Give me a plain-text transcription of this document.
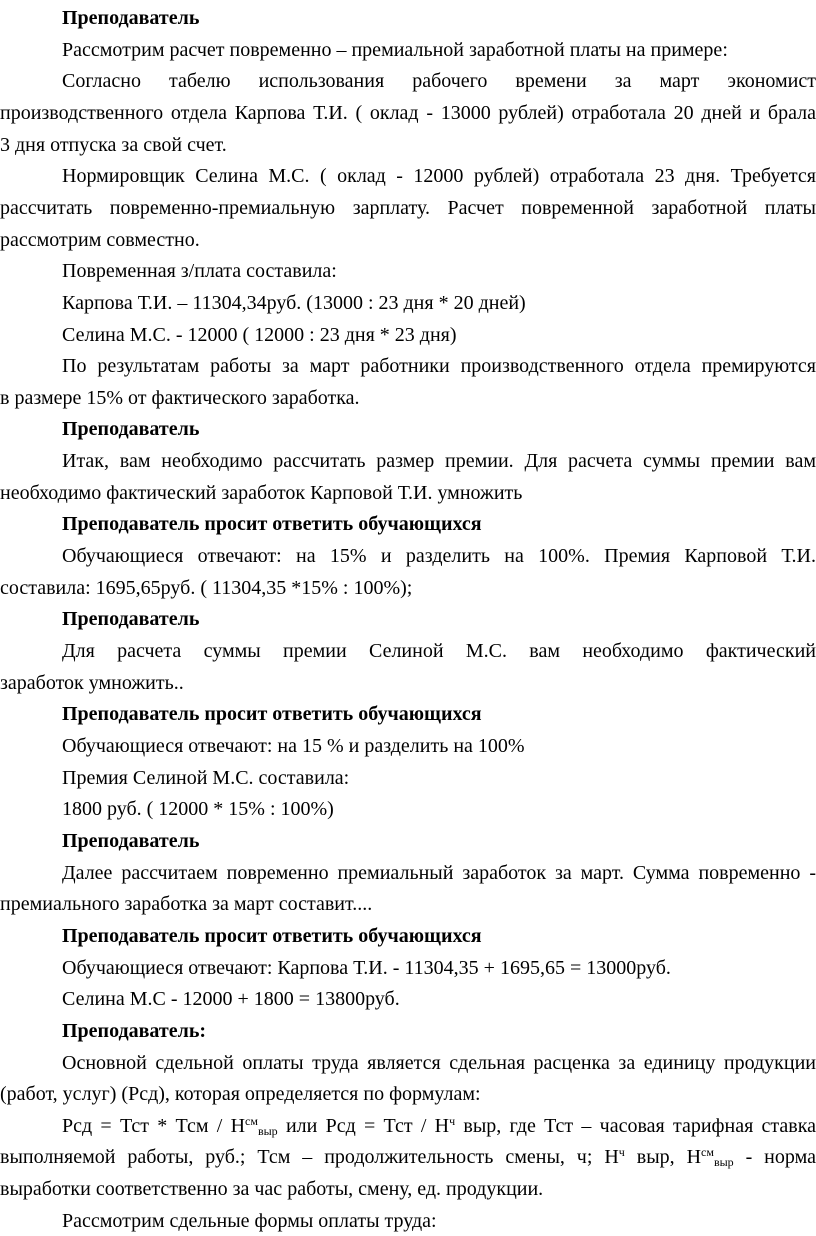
Преподаватель
Рассмотрим расчет повременно – премиальной заработной платы на примере:
Согласно табелю использования рабочего времени за март экономист
производственного отдела Карпова Т.И. ( оклад - 13000 рублей) отработала 20 дней и брала
3 дня отпуска за свой счет.
Нормировщик Селина М.С. ( оклад - 12000 рублей) отработала 23 дня. Требуется
рассчитать повременно-премиальную зарплату. Расчет повременной заработной платы
рассмотрим совместно.
Повременная з/плата составила:
Карпова Т.И. – 11304,34руб. (13000 : 23 дня * 20 дней)
Селина М.С. - 12000 ( 12000 : 23 дня * 23 дня)
По результатам работы за март работники производственного отдела премируются
в размере 15% от фактического заработка.
Преподаватель
Итак, вам необходимо рассчитать размер премии. Для расчета суммы премии вам
необходимо фактический заработок Карповой Т.И. умножить
Преподаватель просит ответить обучающихся
Обучающиеся отвечают: на 15% и разделить на 100%. Премия Карповой Т.И.
составила: 1695,65руб. ( 11304,35 *15% : 100%);
Преподаватель
Для расчета суммы премии Селиной М.С. вам необходимо фактический
заработок умножить..
Преподаватель просит ответить обучающихся
Обучающиеся отвечают: на 15 % и разделить на 100%
Премия Селиной М.С. составила:
1800 руб. ( 12000 * 15% : 100%)
Преподаватель
Далее рассчитаем повременно премиальный заработок за март. Сумма повременно -
премиального заработка за март составит....
Преподаватель просит ответить обучающихся
Обучающиеся отвечают: Карпова Т.И. - 11304,35 + 1695,65 = 13000руб.
Селина М.С - 12000 + 1800 = 13800руб.
Преподаватель:
Основной сдельной оплаты труда является сдельная расценка за единицу продукции
(работ, услуг) (Рсд), которая определяется по формулам:
Рсд = Тст * Тсм / $Н^{см}_{выр}$ или Рсд = Тст / $Н^ч$ выр, где Тст – часовая тарифная ставка
выполняемой работы, руб.; Тсм – продолжительность смены, ч; $Н^ч$ выр, $Н^{см}_{выр}$ - норма
выработки соответственно за час работы, смену, ед. продукции.
Рассмотрим сдельные формы оплаты труда:
